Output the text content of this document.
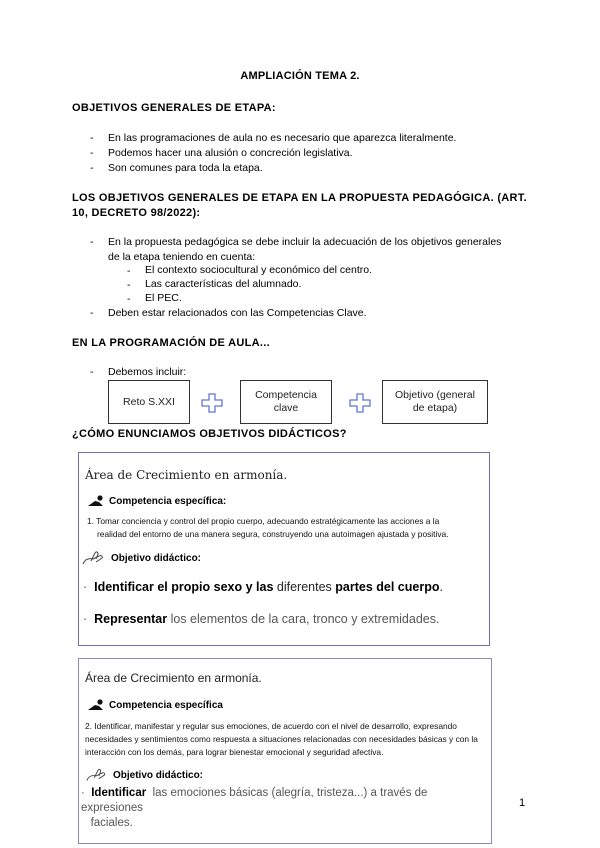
AMPLIACIÓN TEMA 2.
OBJETIVOS GENERALES DE ETAPA:
- En las programaciones de aula no es necesario que aparezca literalmente.
- Podemos hacer una alusión o concreción legislativa.
- Son comunes para toda la etapa.
LOS OBJETIVOS GENERALES DE ETAPA EN LA PROPUESTA PEDAGÓGICA. (ART.
10, DECRETO 98/2022):
- En la propuesta pedagógica se debe incluir la adecuación de los objetivos generales
de la etapa teniendo en cuenta:
- El contexto sociocultural y económico del centro.
- Las características del alumnado.
- El PEC.
- Deben estar relacionados con las Competencias Clave.
EN LA PROGRAMACIÓN DE AULA...
- Debemos incluir:
Reto S.XXI
Competencia
clave
Objetivo (general
de etapa)
¿CÓMO ENUNCIAMOS OBJETIVOS DIDÁCTICOS?
Área de Crecimiento en armonía.
Competencia específica:
1. Tomar conciencia y control del propio cuerpo, adecuando estratégicamente las acciones a la
realidad del entorno de una manera segura, construyendo una autoimagen ajustada y positiva.
Objetivo didáctico:
· Identificar el propio sexo y las diferentes partes del cuerpo.
· Representar los elementos de la cara, tronco y extremidades.
Área de Crecimiento en armonía.
Competencia específica
2. Identificar, manifestar y regular sus emociones, de acuerdo con el nivel de desarrollo, expresando
necesidades y sentimientos como respuesta a situaciones relacionadas con necesidades básicas y con la
interacción con los demás, para lograr bienestar emocional y seguridad afectiva.
Objetivo didáctico:
· Identificar las emociones básicas (alegría, tristeza...) a través de expresiones
faciales.
1
